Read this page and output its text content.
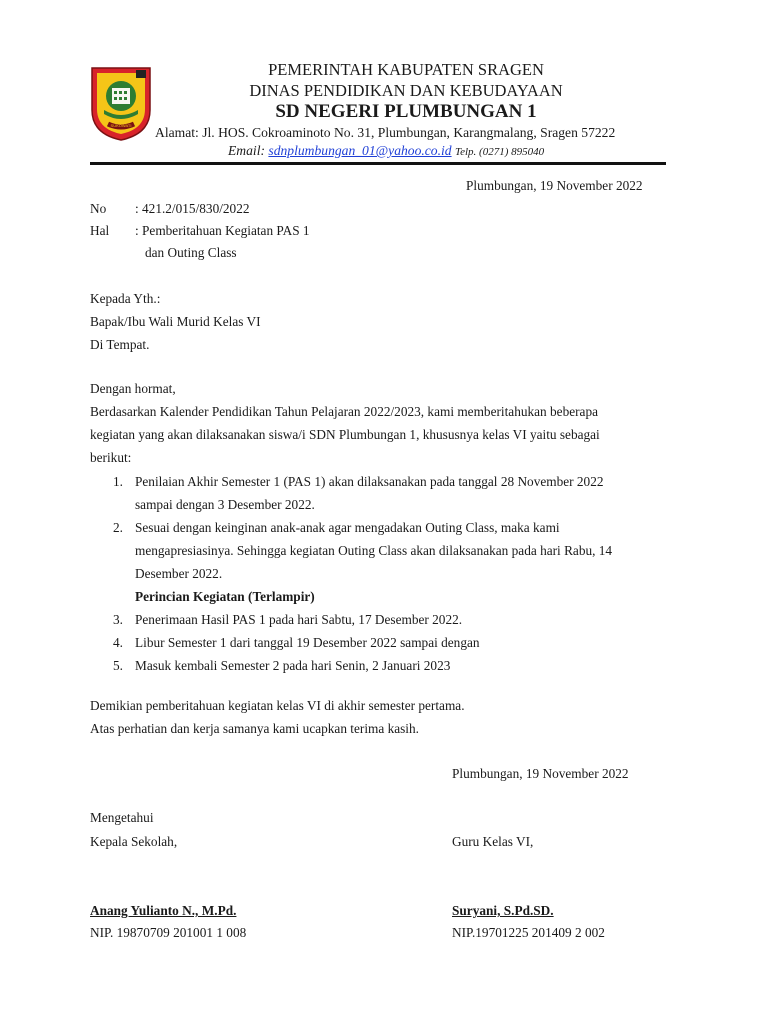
SUKOWATI
PEMERINTAH KABUPATEN SRAGEN
DINAS PENDIDIKAN DAN KEBUDAYAAN
SD NEGERI PLUMBUNGAN 1
Alamat: Jl. HOS. Cokroaminoto No. 31, Plumbungan, Karangmalang, Sragen 57222
Email: sdnplumbungan_01@yahoo.co.id Telp. (0271) 895040
Plumbungan, 19 November 2022
No : 421.2/015/830/2022
Hal : Pemberitahuan Kegiatan PAS 1
dan Outing Class
Kepada Yth.:
Bapak/Ibu Wali Murid Kelas VI
Di Tempat.
Dengan hormat,
Berdasarkan Kalender Pendidikan Tahun Pelajaran 2022/2023, kami memberitahukan beberapa
kegiatan yang akan dilaksanakan siswa/i SDN Plumbungan 1, khususnya kelas VI yaitu sebagai
berikut:
1. Penilaian Akhir Semester 1 (PAS 1) akan dilaksanakan pada tanggal 28 November 2022
sampai dengan 3 Desember 2022.
2. Sesuai dengan keinginan anak-anak agar mengadakan Outing Class, maka kami
mengapresiasinya. Sehingga kegiatan Outing Class akan dilaksanakan pada hari Rabu, 14
Desember 2022.
Perincian Kegiatan (Terlampir)
3. Penerimaan Hasil PAS 1 pada hari Sabtu, 17 Desember 2022.
4. Libur Semester 1 dari tanggal 19 Desember 2022 sampai dengan
5. Masuk kembali Semester 2 pada hari Senin, 2 Januari 2023
Demikian pemberitahuan kegiatan kelas VI di akhir semester pertama.
Atas perhatian dan kerja samanya kami ucapkan terima kasih.
Plumbungan, 19 November 2022
Mengetahui
Kepala Sekolah,	Guru Kelas VI,
Anang Yulianto N., M.Pd.	Suryani, S.Pd.SD.
NIP. 19870709 201001 1 008	NIP.19701225 201409 2 002
